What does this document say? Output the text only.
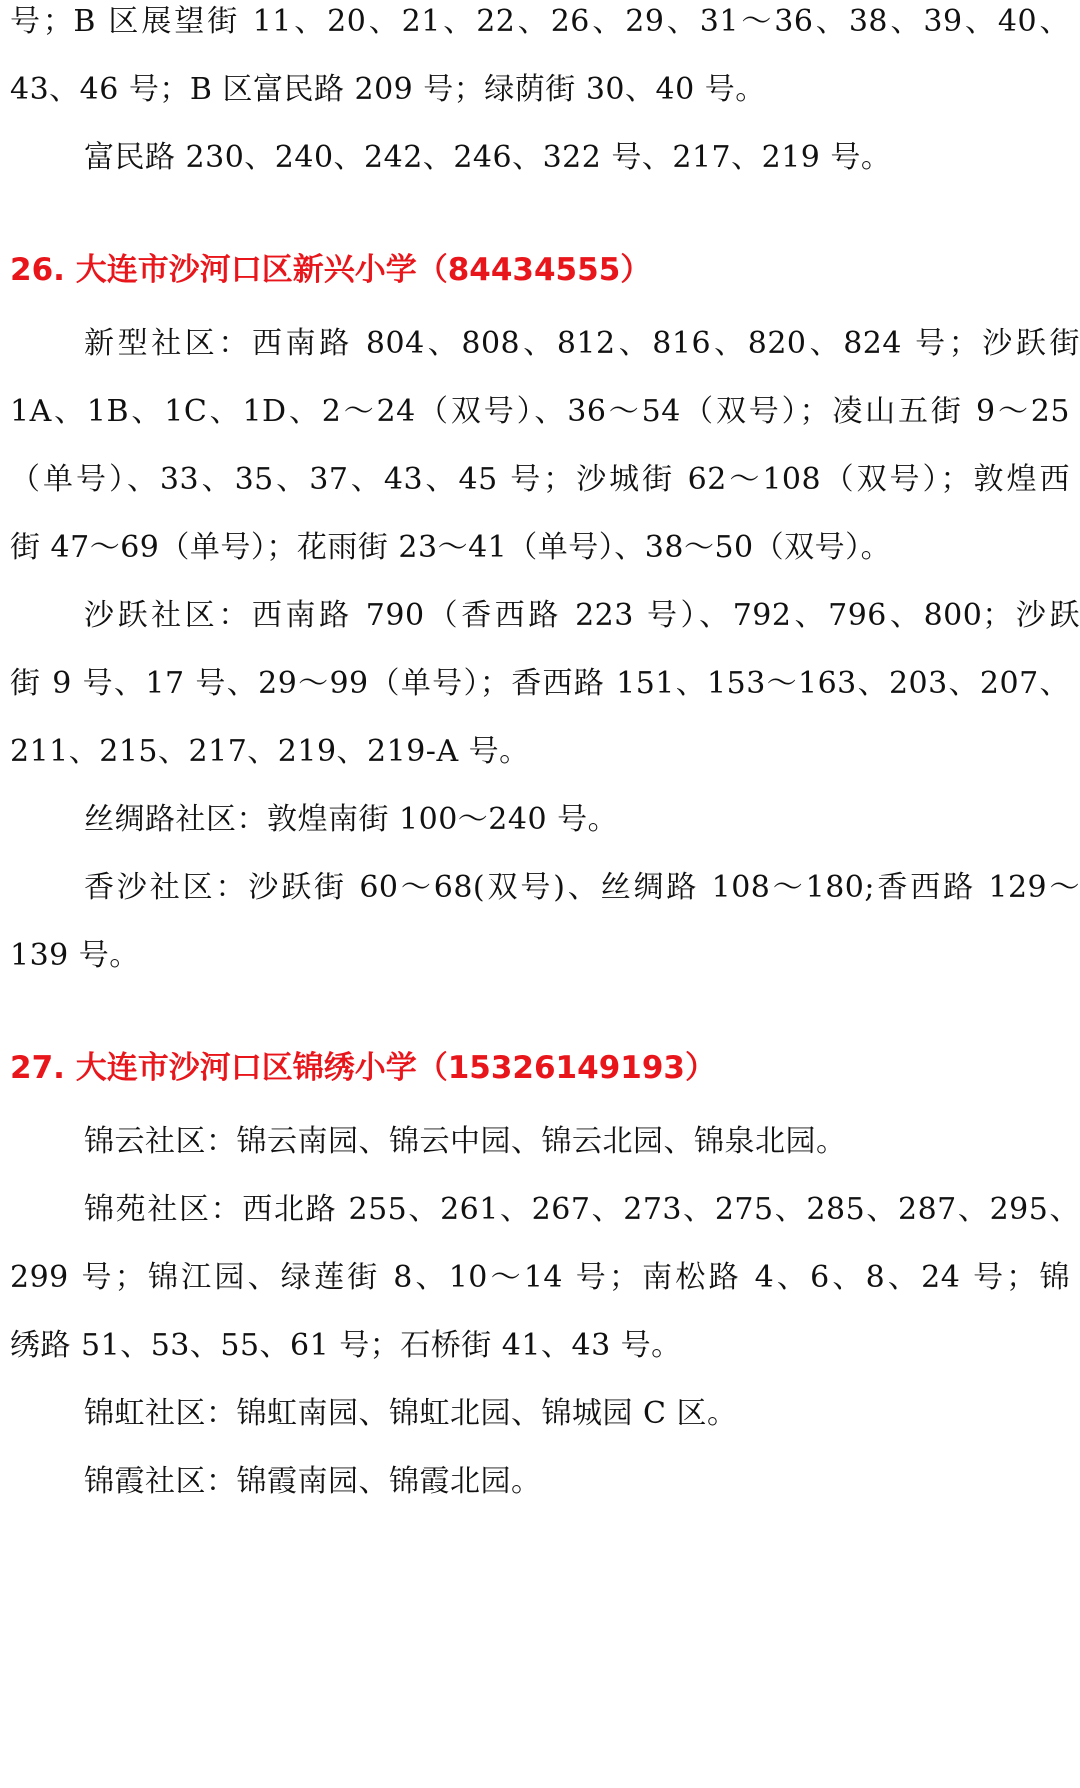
号；B 区展望街 11、20、21、22、26、29、31～36、38、39、40、
43、46 号；B 区富民路 209 号；绿荫街 30、40 号。
富民路 230、240、242、246、322 号、217、219 号。
26. 大连市沙河口区新兴小学（84434555）
新型社区：西南路 804、808、812、816、820、824 号；沙跃街
1A、1B、1C、1D、2～24（双号）、36～54（双号）；凌山五街 9～25
（单号）、33、35、37、43、45 号；沙城街 62～108（双号）；敦煌西
街 47～69（单号）；花雨街 23～41（单号）、38～50（双号）。
沙跃社区：西南路 790（香西路 223 号）、792、796、800；沙跃
街 9 号、17 号、29～99（单号）；香西路 151、153～163、203、207、
211、215、217、219、219-A 号。
丝绸路社区：敦煌南街 100～240 号。
香沙社区：沙跃街 60～68(双号)、丝绸路 108～180;香西路 129～
139 号。
27. 大连市沙河口区锦绣小学（15326149193）
锦云社区：锦云南园、锦云中园、锦云北园、锦泉北园。
锦苑社区：西北路 255、261、267、273、275、285、287、295、
299 号；锦江园、绿莲街 8、10～14 号；南松路 4、6、8、24 号；锦
绣路 51、53、55、61 号；石桥街 41、43 号。
锦虹社区：锦虹南园、锦虹北园、锦城园 C 区。
锦霞社区：锦霞南园、锦霞北园。
